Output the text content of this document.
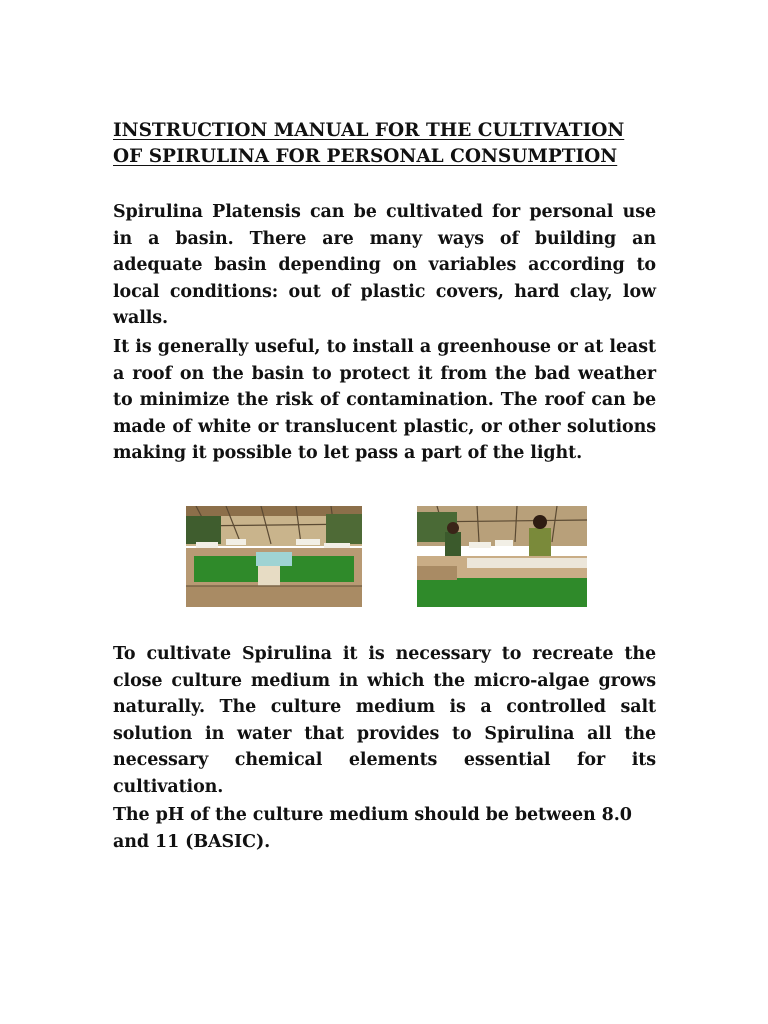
INSTRUCTION MANUAL FOR THE CULTIVATION OF SPIRULINA FOR PERSONAL CONSUMPTION

Spirulina Platensis can be cultivated for personal use in a basin. There are many ways of building an adequate basin depending on variables according to local conditions: out of plastic covers, hard clay, low walls.

It is generally useful, to install a greenhouse or at least a roof on the basin to protect it from the bad weather to minimize the risk of contamination. The roof can be made of white or translucent plastic, or other solutions making it possible to let pass a part of the light.

To cultivate Spirulina it is necessary to recreate the close culture medium in which the micro-algae grows naturally. The culture medium is a controlled salt solution in water that provides to Spirulina all the necessary chemical elements essential for its cultivation.

The pH of the culture medium should be between 8.0 and 11 (BASIC).
